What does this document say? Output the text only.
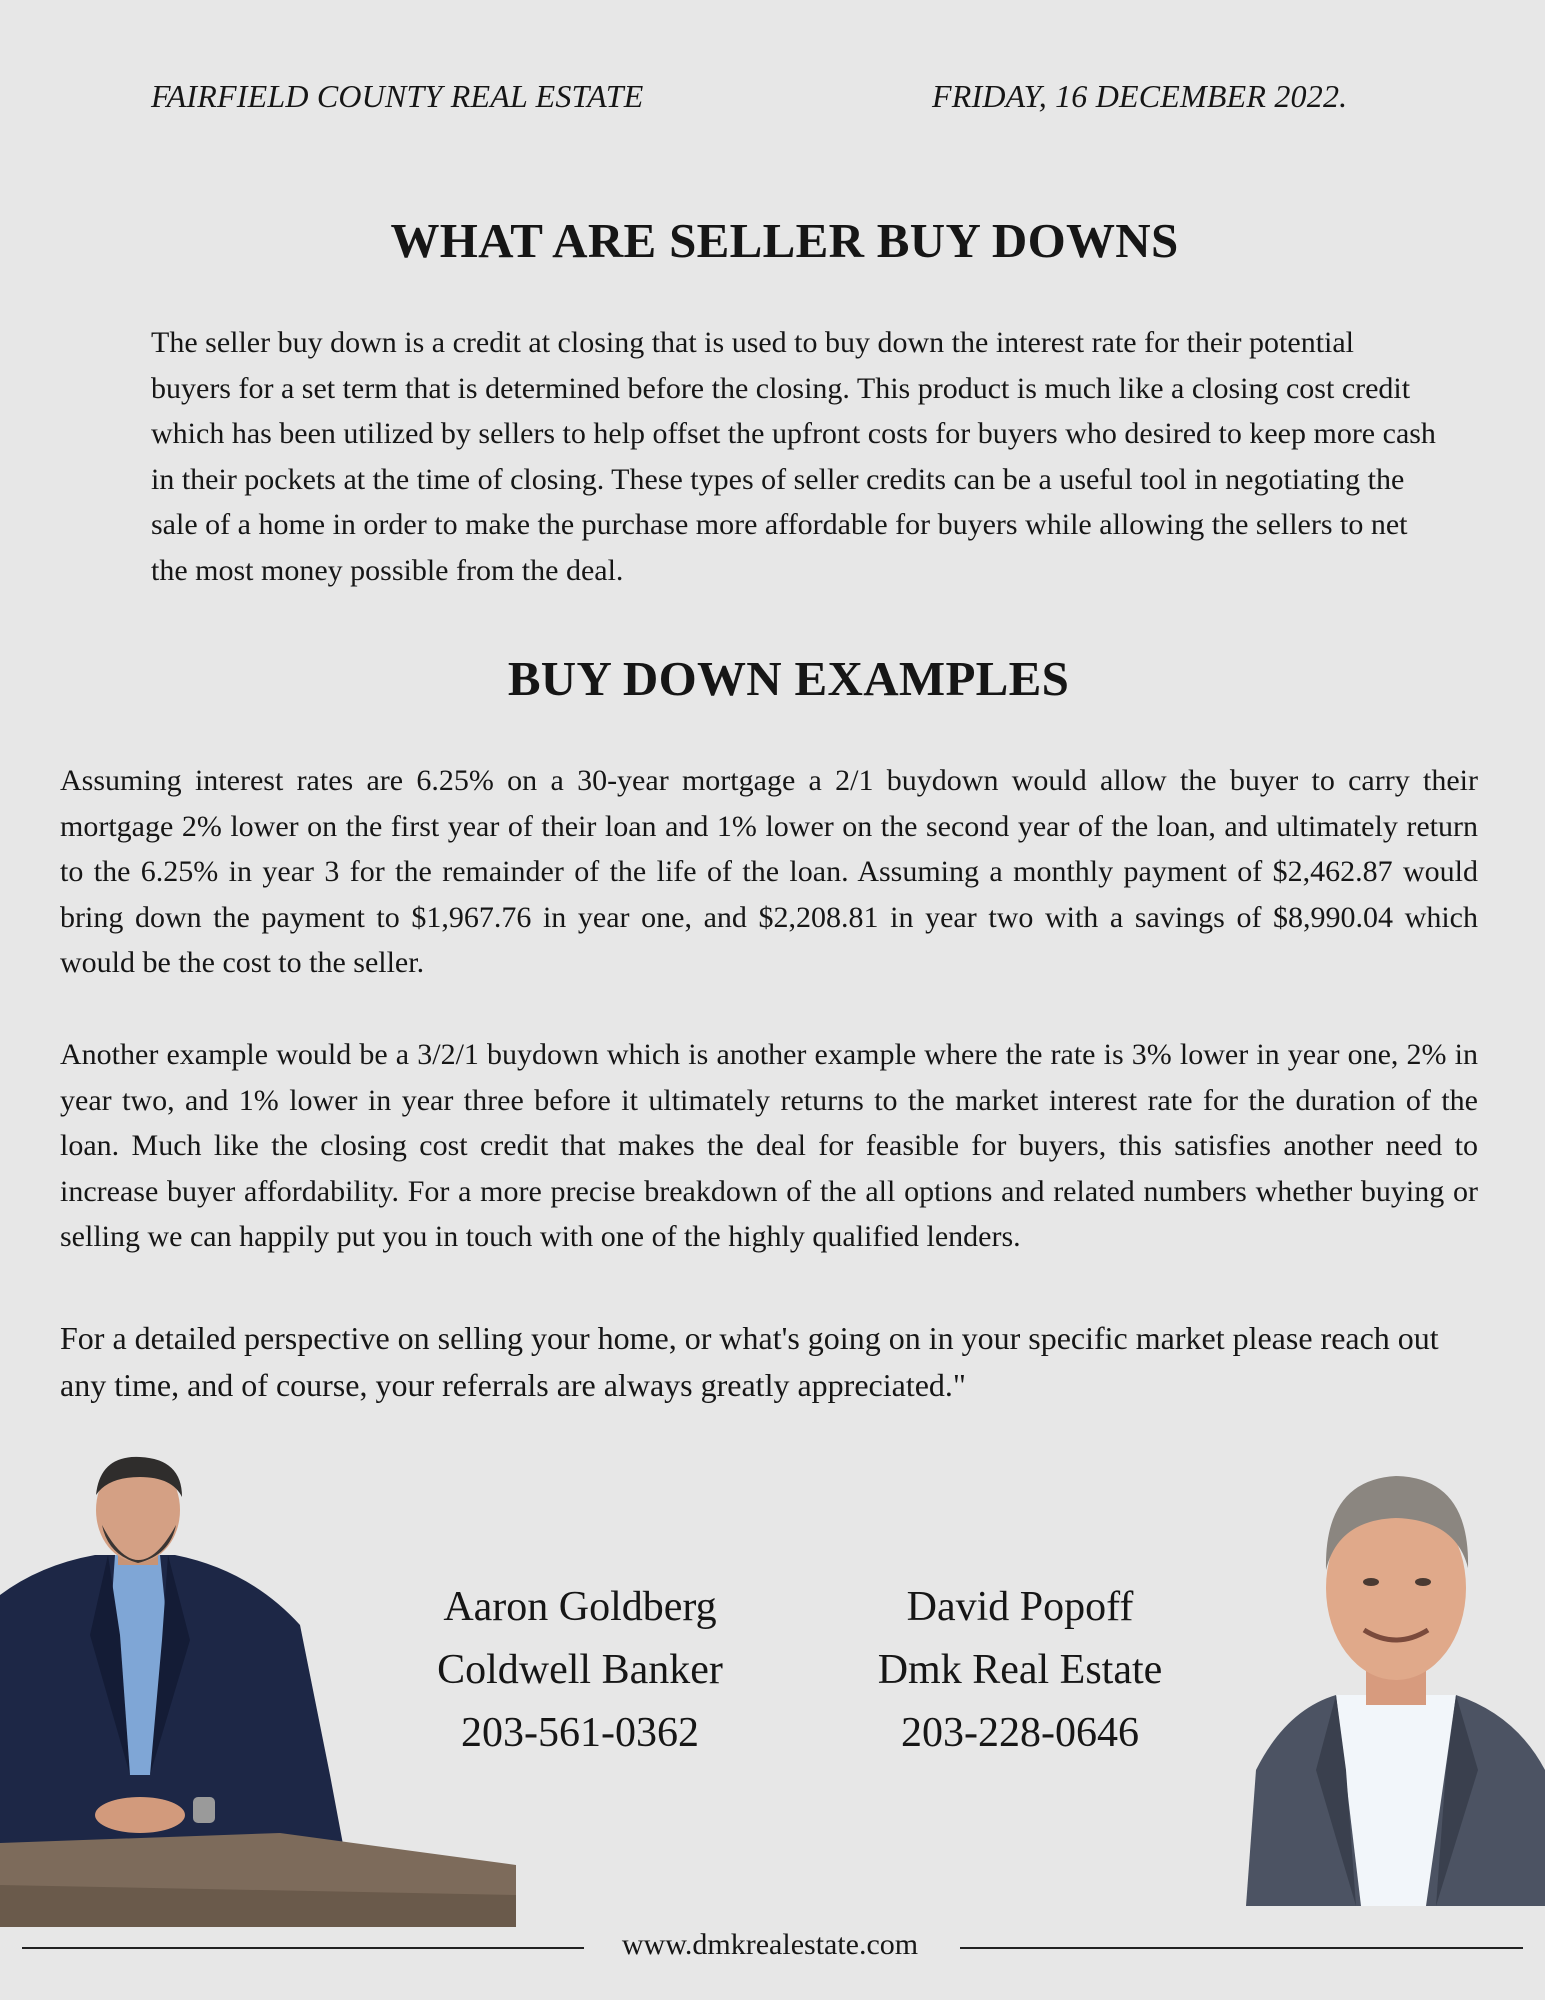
FAIRFIELD COUNTY REAL ESTATE	FRIDAY, 16 DECEMBER 2022.
WHAT ARE SELLER BUY DOWNS

The seller buy down is a credit at closing that is used to buy down the interest rate for their potential buyers for a set term that is determined before the closing. This product is much like a closing cost credit which has been utilized by sellers to help offset the upfront costs for buyers who desired to keep more cash in their pockets at the time of closing. These types of seller credits can be a useful tool in negotiating the sale of a home in order to make the purchase more affordable for buyers while allowing the sellers to net the most money possible from the deal.

BUY DOWN EXAMPLES

Assuming interest rates are 6.25% on a 30-year mortgage a 2/1 buydown would allow the buyer to carry their mortgage 2% lower on the first year of their loan and 1% lower on the second year of the loan, and ultimately return to the 6.25% in year 3 for the remainder of the life of the loan. Assuming a monthly payment of $2,462.87 would bring down the payment to $1,967.76 in year one, and $2,208.81 in year two with a savings of $8,990.04 which would be the cost to the seller.

Another example would be a 3/2/1 buydown which is another example where the rate is 3% lower in year one, 2% in year two, and 1% lower in year three before it ultimately returns to the market interest rate for the duration of the loan. Much like the closing cost credit that makes the deal for feasible for buyers, this satisfies another need to increase buyer affordability. For a more precise breakdown of the all options and related numbers whether buying or selling we can happily put you in touch with one of the highly qualified lenders.

For a detailed perspective on selling your home, or what's going on in your specific market please reach out any time, and of course, your referrals are always greatly appreciated."

Aaron Goldberg
Coldwell Banker
203-561-0362
David Popoff
Dmk Real Estate
203-228-0646
www.dmkrealestate.com
